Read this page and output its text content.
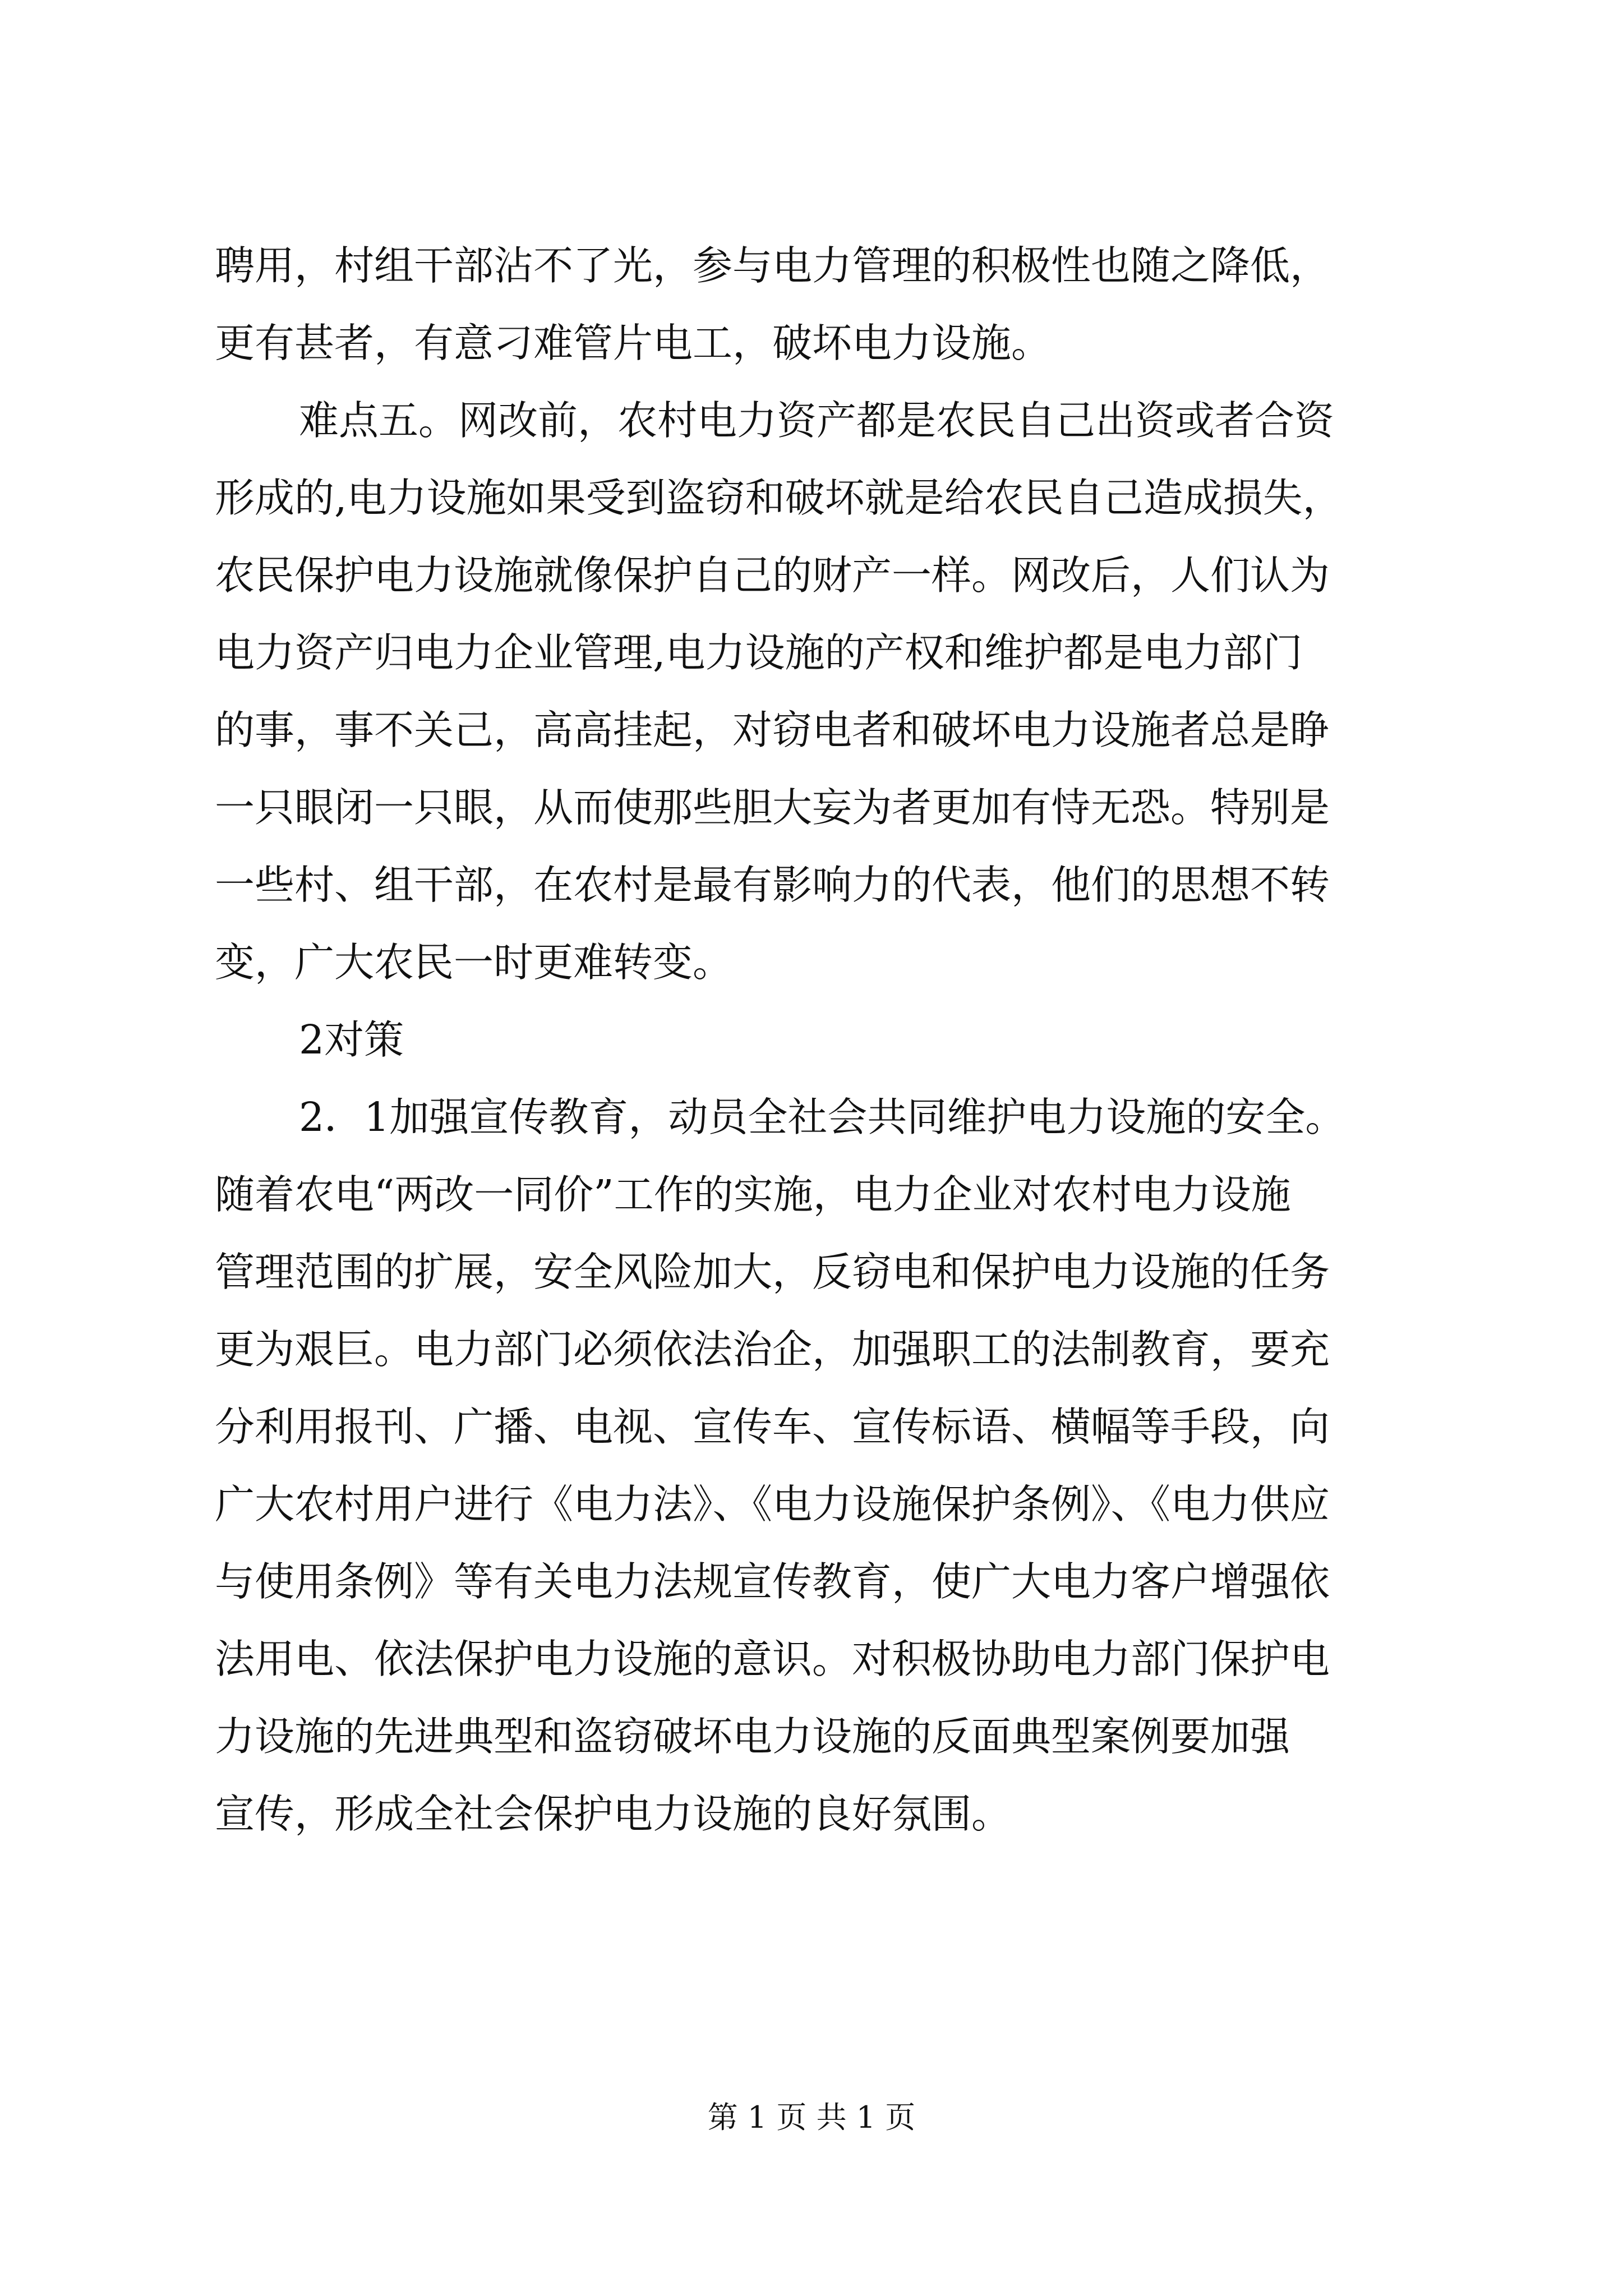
聘用，村组干部沾不了光，参与电力管理的积极性也随之降低，
更有甚者，有意刁难管片电工，破坏电力设施。
难点五。网改前，农村电力资产都是农民自己出资或者合资
形成的,电力设施如果受到盗窃和破坏就是给农民自己造成损失，
农民保护电力设施就像保护自己的财产一样。网改后，人们认为
电力资产归电力企业管理,电力设施的产权和维护都是电力部门
的事，事不关己，高高挂起，对窃电者和破坏电力设施者总是睁
一只眼闭一只眼，从而使那些胆大妄为者更加有恃无恐。特别是
一些村、组干部，在农村是最有影响力的代表，他们的思想不转
变，广大农民一时更难转变。
2对策
2．1加强宣传教育，动员全社会共同维护电力设施的安全。
随着农电“两改一同价”工作的实施，电力企业对农村电力设施
管理范围的扩展，安全风险加大，反窃电和保护电力设施的任务
更为艰巨。电力部门必须依法治企，加强职工的法制教育，要充
分利用报刊、广播、电视、宣传车、宣传标语、横幅等手段，向
广大农村用户进行《电力法》、《电力设施保护条例》、《电力供应
与使用条例》等有关电力法规宣传教育，使广大电力客户增强依
法用电、依法保护电力设施的意识。对积极协助电力部门保护电
力设施的先进典型和盗窃破坏电力设施的反面典型案例要加强
宣传，形成全社会保护电力设施的良好氛围。
第 1 页 共 1 页
